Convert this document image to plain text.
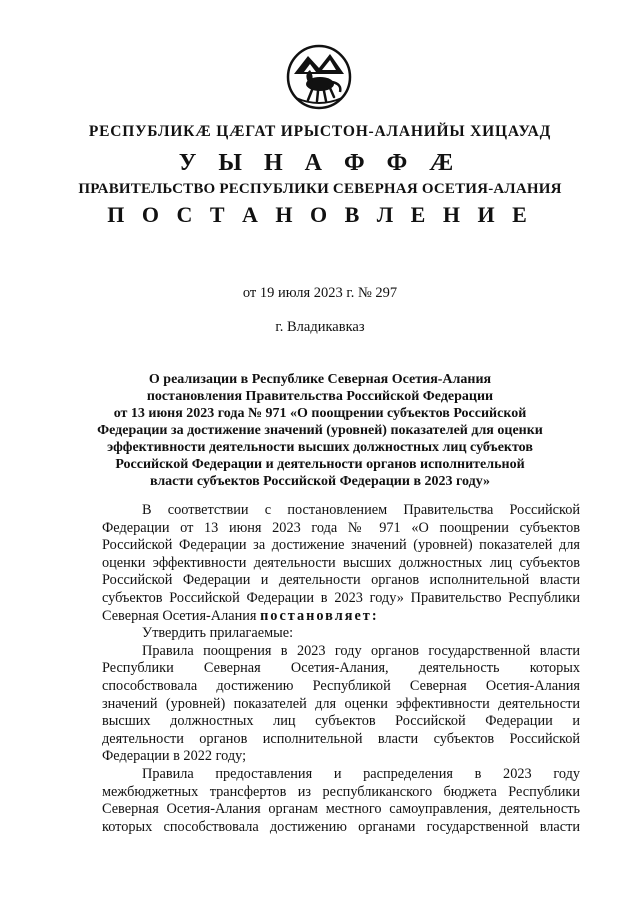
РЕСПУБЛИКӔ ЦӔГАТ ИРЫСТОН-АЛАНИЙЫ ХИЦАУАД
У Ы Н А Ф Ф Ӕ
ПРАВИТЕЛЬСТВО РЕСПУБЛИКИ СЕВЕРНАЯ ОСЕТИЯ-АЛАНИЯ
П О С Т А Н О В Л Е Н И Е
от 19 июля 2023 г. № 297
г. Владикавказ
О реализации в Республике Северная Осетия-Алания
постановления Правительства Российской Федерации
от 13 июня 2023 года № 971 «О поощрении субъектов Российской
Федерации за достижение значений (уровней) показателей для оценки
эффективности деятельности высших должностных лиц субъектов
Российской Федерации и деятельности органов исполнительной
власти субъектов Российской Федерации в 2023 году»
В соответствии с постановлением Правительства Российской
Федерации от 13 июня 2023 года № 971 «О поощрении субъектов
Российской Федерации за достижение значений (уровней) показателей для
оценки эффективности деятельности высших должностных лиц субъектов
Российской Федерации и деятельности органов исполнительной власти
субъектов Российской Федерации в 2023 году» Правительство Республики
Северная Осетия-Алания постановляет:
Утвердить прилагаемые:
Правила поощрения в 2023 году органов государственной власти
Республики Северная Осетия-Алания, деятельность которых
способствовала достижению Республикой Северная Осетия-Алания
значений (уровней) показателей для оценки эффективности деятельности
высших должностных лиц субъектов Российской Федерации и
деятельности органов исполнительной власти субъектов Российской
Федерации в 2022 году;
Правила предоставления и распределения в 2023 году
межбюджетных трансфертов из республиканского бюджета Республики
Северная Осетия-Алания органам местного самоуправления, деятельность
которых способствовала достижению органами государственной власти
